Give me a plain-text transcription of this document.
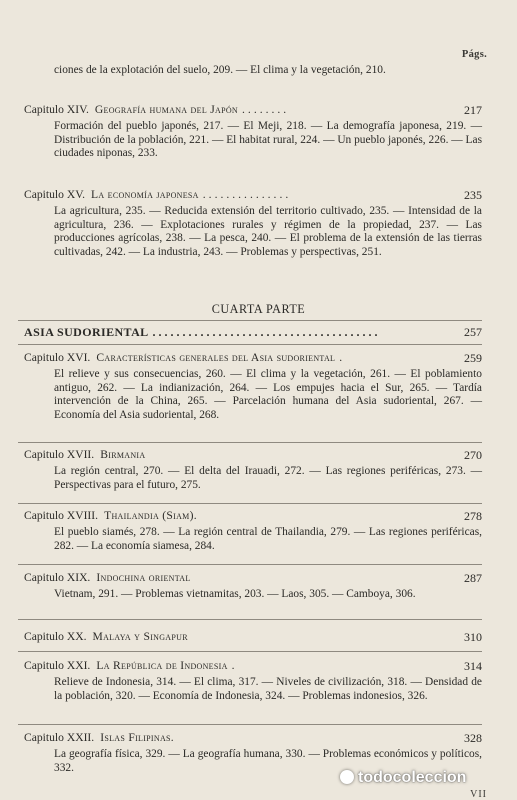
Págs.
ciones de la explotación del suelo, 209. — El clima y la vegetación, 210.
Capitulo XIV. Geografía humana del Japón ........	217
Formación del pueblo japonés, 217. — El Meji, 218. — La demografía japonesa, 219. — Distribución de la población, 221. — El habitat rural, 224. — Un pueblo japonés, 226. — Las ciudades niponas, 233.
Capitulo XV. La economía japonesa ...............	235
La agricultura, 235. — Reducida extensión del territorio cultivado, 235. — Intensidad de la agricultura, 236. — Explotaciones rurales y régimen de la propiedad, 237. — Las producciones agrícolas, 238. — La pesca, 240. — El problema de la extensión de las tierras cultivadas, 242. — La industria, 243. — Problemas y perspectivas, 251.
CUARTA PARTE
ASIA SUDORIENTAL ......................................	257
Capitulo XVI. Características generales del Asia sudoriental .	259
El relieve y sus consecuencias, 260. — El clima y la vegetación, 261. — El poblamiento antiguo, 262. — La indianización, 264. — Los empujes hacia el Sur, 265. — Tardía intervención de la China, 265. — Parcelación humana del Asia sudoriental, 267. — Economía del Asia sudoriental, 268.
Capitulo XVII. Birmania	270
La región central, 270. — El delta del Irauadi, 272. — Las regiones periféricas, 273. — Perspectivas para el futuro, 275.
Capitulo XVIII. Thailandia (Siam).	278
El pueblo siamés, 278. — La región central de Thailandia, 279. — Las regiones periféricas, 282. — La economía siamesa, 284.
Capitulo XIX. Indochina oriental	287
Vietnam, 291. — Problemas vietnamitas, 203. — Laos, 305. — Camboya, 306.
Capitulo XX. Malaya y Singapur	310
Capitulo XXI. La República de Indonesia .	314
Relieve de Indonesia, 314. — El clima, 317. — Niveles de civilización, 318. — Densidad de la población, 320. — Economía de Indonesia, 324. — Problemas indonesios, 326.
Capitulo XXII. Islas Filipinas.	328
La geografía física, 329. — La geografía humana, 330. — Problemas económicos y políticos, 332.
todocoleccion
VII
